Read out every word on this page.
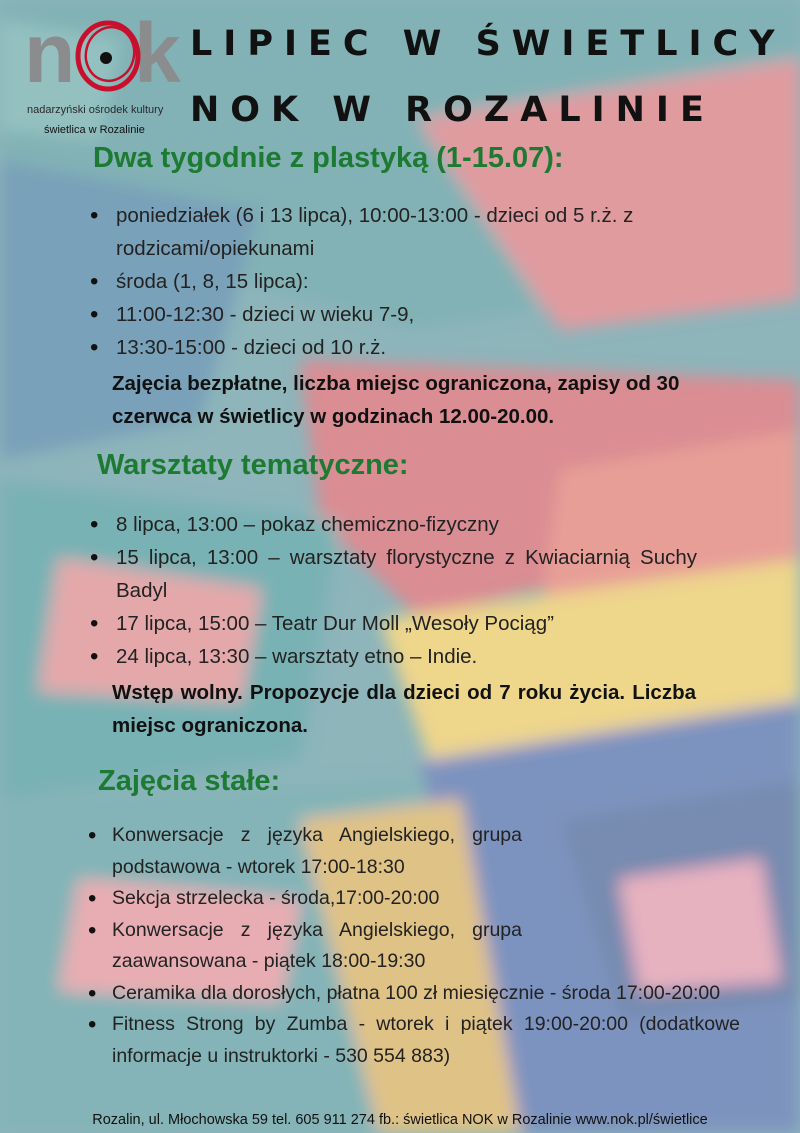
n k
nadarzyński ośrodek kultury
świetlica w Rozalinie
LIPIEC W ŚWIETLICY
NOK W ROZALINIE
Dwa tygodnie z plastyką (1-15.07):
• poniedziałek (6 i 13 lipca), 10:00-13:00 - dzieci od 5 r.ż. z rodzicami/opiekunami
• środa (1, 8, 15 lipca):
• 11:00-12:30 - dzieci w wieku 7-9,
• 13:30-15:00 - dzieci od 10 r.ż.
Zajęcia bezpłatne, liczba miejsc ograniczona, zapisy od 30 czerwca w świetlicy w godzinach 12.00-20.00.
Warsztaty tematyczne:
• 8 lipca, 13:00 – pokaz chemiczno-fizyczny
• 15 lipca, 13:00 – warsztaty florystyczne z Kwiaciarnią Suchy Badyl
• 17 lipca, 15:00 – Teatr Dur Moll „Wesoły Pociąg”
• 24 lipca, 13:30 – warsztaty etno – Indie.
Wstęp wolny. Propozycje dla dzieci od 7 roku życia. Liczba miejsc ograniczona.
Zajęcia stałe:
• Konwersacje z języka Angielskiego, grupa podstawowa - wtorek 17:00-18:30
• Sekcja strzelecka - środa,17:00-20:00
• Konwersacje z języka Angielskiego, grupa zaawansowana - piątek 18:00-19:30
• Ceramika dla dorosłych, płatna 100 zł miesięcznie - środa 17:00-20:00
• Fitness Strong by Zumba - wtorek i piątek 19:00-20:00 (dodatkowe informacje u instruktorki - 530 554 883)
Rozalin, ul. Młochowska 59 tel. 605 911 274 fb.: świetlica NOK w Rozalinie www.nok.pl/świetlice
